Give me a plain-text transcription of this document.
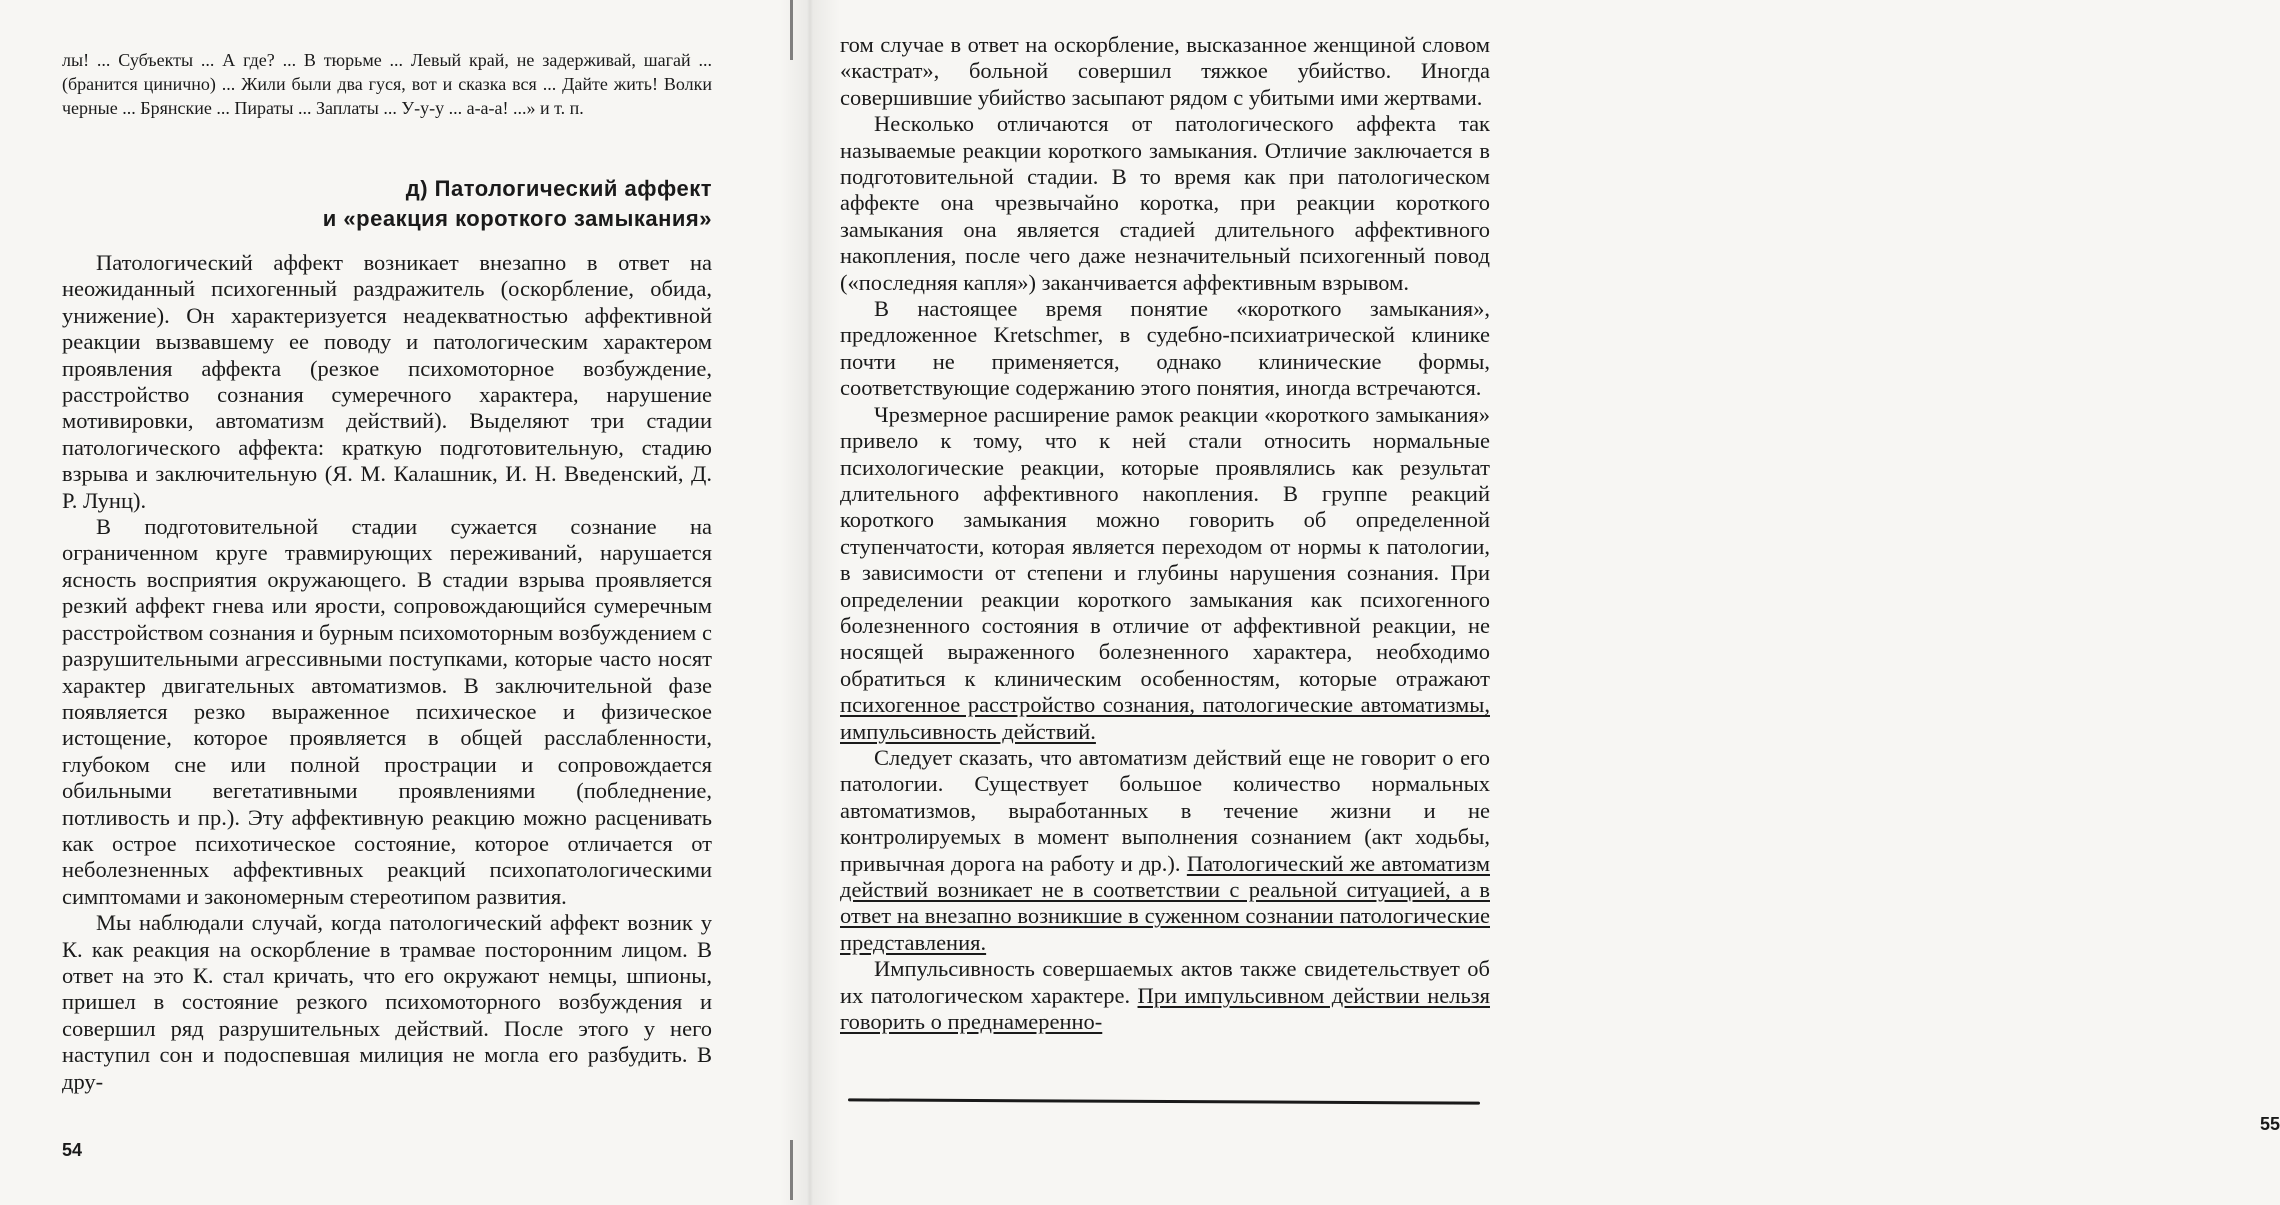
лы! ... Субъекты ... А где? ... В тюрьме ... Левый край, не задерживай, шагай ... (бранится цинично) ... Жили были два гуся, вот и сказка вся ... Дайте жить! Волки черные ... Брянские ... Пираты ... Заплаты ... У-у-у ... а-а-а! ...» и т. п.
д) Патологический аффект
и «реакция короткого замыкания»

Патологический аффект возникает внезапно в ответ на неожиданный психогенный раздражитель (оскорбление, обида, унижение). Он характеризуется неадекватностью аффективной реакции вызвавшему ее поводу и патологическим характером проявления аффекта (резкое психомоторное возбуждение, расстройство сознания сумеречного характера, нарушение мотивировки, автоматизм действий). Выделяют три стадии патологического аффекта: краткую подготовительную, стадию взрыва и заключительную (Я. М. Калашник, И. Н. Введенский, Д. Р. Лунц).

В подготовительной стадии сужается сознание на ограниченном круге травмирующих переживаний, нарушается ясность восприятия окружающего. В стадии взрыва проявляется резкий аффект гнева или ярости, сопровождающийся сумеречным расстройством сознания и бурным психомоторным возбуждением с разрушительными агрессивными поступками, которые часто носят характер двигательных автоматизмов. В заключительной фазе появляется резко выраженное психическое и физическое истощение, которое проявляется в общей расслабленности, глубоком сне или полной прострации и сопровождается обильными вегетативными проявлениями (побледнение, потливость и пр.). Эту аффективную реакцию можно расценивать как острое психотическое состояние, которое отличается от неболезненных аффективных реакций психопатологическими симптомами и закономерным стереотипом развития.

Мы наблюдали случай, когда патологический аффект возник у К. как реакция на оскорбление в трамвае посторонним лицом. В ответ на это К. стал кричать, что его окружают немцы, шпионы, пришел в состояние резкого психомоторного возбуждения и совершил ряд разрушительных действий. После этого у него наступил сон и подоспевшая милиция не могла его разбудить. В дру-

54

гом случае в ответ на оскорбление, высказанное женщиной словом «кастрат», больной совершил тяжкое убийство. Иногда совершившие убийство засыпают рядом с убитыми ими жертвами.

Несколько отличаются от патологического аффекта так называемые реакции короткого замыкания. Отличие заключается в подготовительной стадии. В то время как при патологическом аффекте она чрезвычайно коротка, при реакции короткого замыкания она является стадией длительного аффективного накопления, после чего даже незначительный психогенный повод («последняя капля») заканчивается аффективным взрывом.

В настоящее время понятие «короткого замыкания», предложенное Kretschmer, в судебно-психиатрической клинике почти не применяется, однако клинические формы, соответствующие содержанию этого понятия, иногда встречаются.

Чрезмерное расширение рамок реакции «короткого замыкания» привело к тому, что к ней стали относить нормальные психологические реакции, которые проявлялись как результат длительного аффективного накопления. В группе реакций короткого замыкания можно говорить об определенной ступенчатости, которая является переходом от нормы к патологии, в зависимости от степени и глубины нарушения сознания. При определении реакции короткого замыкания как психогенного болезненного состояния в отличие от аффективной реакции, не носящей выраженного болезненного характера, необходимо обратиться к клиническим особенностям, которые отражают психогенное расстройство сознания, патологические автоматизмы, импульсивность действий.

Следует сказать, что автоматизм действий еще не говорит о его патологии. Существует большое количество нормальных автоматизмов, выработанных в течение жизни и не контролируемых в момент выполнения сознанием (акт ходьбы, привычная дорога на работу и др.). Патологический же автоматизм действий возникает не в соответствии с реальной ситуацией, а в ответ на внезапно возникшие в суженном сознании патологические представления.

Импульсивность совершаемых актов также свидетельствует об их патологическом характере. При импульсивном действии нельзя говорить о преднамеренно-

55
